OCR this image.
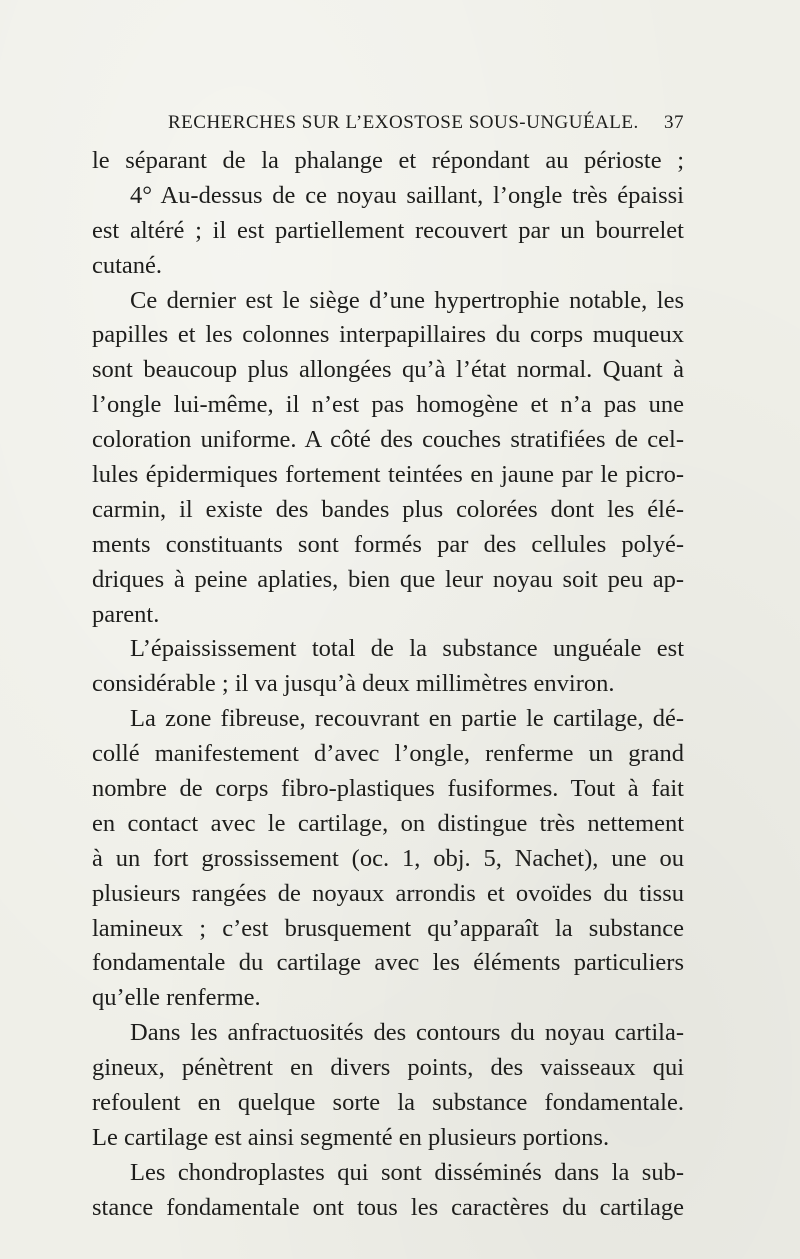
RECHERCHES SUR L’EXOSTOSE SOUS-UNGUÉALE. 37
le séparant de la phalange et répondant au périoste ;
4° Au-dessus de ce noyau saillant, l’ongle très épaissi
est altéré ; il est partiellement recouvert par un bourrelet
cutané.
Ce dernier est le siège d’une hypertrophie notable, les
papilles et les colonnes interpapillaires du corps muqueux
sont beaucoup plus allongées qu’à l’état normal. Quant à
l’ongle lui-même, il n’est pas homogène et n’a pas une
coloration uniforme. A côté des couches stratifiées de cel-
lules épidermiques fortement teintées en jaune par le picro-
carmin, il existe des bandes plus colorées dont les élé-
ments constituants sont formés par des cellules polyé-
driques à peine aplaties, bien que leur noyau soit peu ap-
parent.
L’épaississement total de la substance unguéale est
considérable ; il va jusqu’à deux millimètres environ.
La zone fibreuse, recouvrant en partie le cartilage, dé-
collé manifestement d’avec l’ongle, renferme un grand
nombre de corps fibro-plastiques fusiformes. Tout à fait
en contact avec le cartilage, on distingue très nettement
à un fort grossissement (oc. 1, obj. 5, Nachet), une ou
plusieurs rangées de noyaux arrondis et ovoïdes du tissu
lamineux ; c’est brusquement qu’apparaît la substance
fondamentale du cartilage avec les éléments particuliers
qu’elle renferme.
Dans les anfractuosités des contours du noyau cartila-
gineux, pénètrent en divers points, des vaisseaux qui
refoulent en quelque sorte la substance fondamentale.
Le cartilage est ainsi segmenté en plusieurs portions.
Les chondroplastes qui sont disséminés dans la sub-
stance fondamentale ont tous les caractères du cartilage
